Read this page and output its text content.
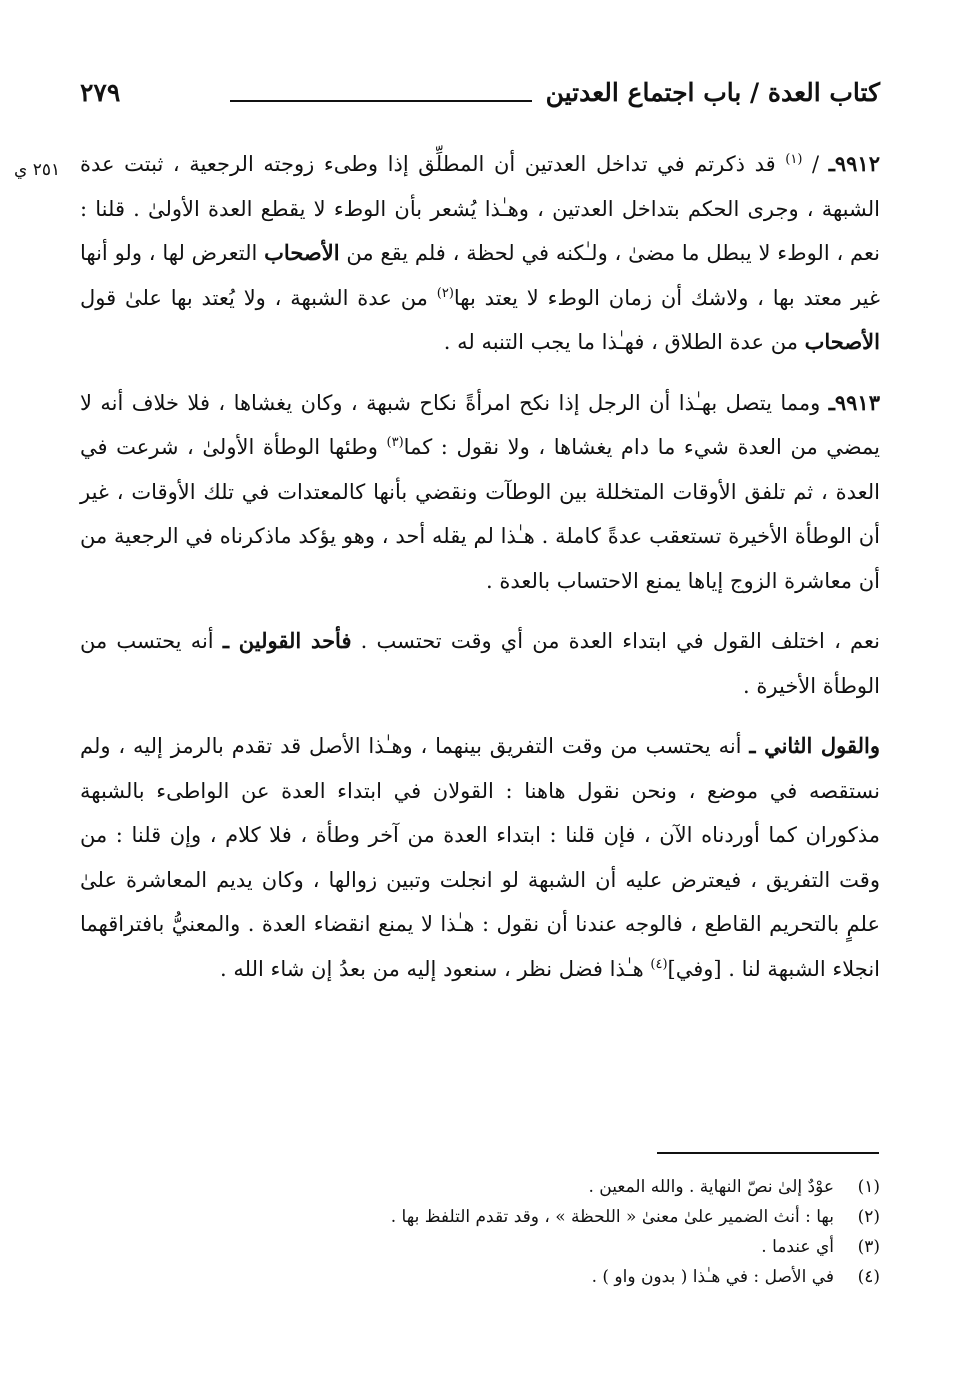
كتاب العدة / باب اجتماع العدتين
٢٧٩
٢٥١ ي	٩٩١٢ـ / $^{(١)}$ قد ذكرتم في تداخل العدتين أن المطلِّق إذا وطىء زوجته الرجعية ، ثبتت عدة الشبهة ، وجرى الحكم بتداخل العدتين ، وهـٰذا يُشعر بأن الوطء لا يقطع العدة الأولىٰ . قلنا : نعم ، الوطء لا يبطل ما مضىٰ ، ولـٰكنه في لحظة ، فلم يقع من الأصحاب التعرض لها ، ولو أنها غير معتد بها ، ولاشك أن زمان الوطء لا يعتد بها$^{(٢)}$ من عدة الشبهة ، ولا يُعتد بها علىٰ قول الأصحاب من عدة الطلاق ، فهـٰذا ما يجب التنبه له .

٩٩١٣ـ ومما يتصل بهـٰذا أن الرجل إذا نكح امرأةً نكاح شبهة ، وكان يغشاها ، فلا خلاف أنه لا يمضي من العدة شيء ما دام يغشاها ، ولا نقول : كما$^{(٣)}$ وطئها الوطأة الأولىٰ ، شرعت في العدة ، ثم تلفق الأوقات المتخللة بين الوطآت ونقضي بأنها كالمعتدات في تلك الأوقات ، غير أن الوطأة الأخيرة تستعقب عدةً كاملة . هـٰذا لم يقله أحد ، وهو يؤكد ماذكرناه في الرجعية من أن معاشرة الزوج إياها يمنع الاحتساب بالعدة .

نعم ، اختلف القول في ابتداء العدة من أي وقت تحتسب . فأحد القولين ـ أنه يحتسب من الوطأة الأخيرة .

والقول الثاني ـ أنه يحتسب من وقت التفريق بينهما ، وهـٰذا الأصل قد تقدم بالرمز إليه ، ولم نستقصه في موضع ، ونحن نقول هاهنا : القولان في ابتداء العدة عن الواطىء بالشبهة مذكوران كما أوردناه الآن ، فإن قلنا : ابتداء العدة من آخر وطأة ، فلا كلام ، وإن قلنا : من وقت التفريق ، فيعترض عليه أن الشبهة لو انجلت وتبين زوالها ، وكان يديم المعاشرة علىٰ علمٍ بالتحريم القاطع ، فالوجه عندنا أن نقول : هـٰذا لا يمنع انقضاء العدة . والمعنيُّ بافتراقهما انجلاء الشبهة لنا . [وفي]$^{(٤)}$ هـٰذا فضل نظر ، سنعود إليه من بعدُ إن شاء الله .

(١)
عوْدٌ إلىٰ نصّ النهاية . والله المعين .
(٢)
بها : أنث الضمير علىٰ معنىٰ « اللحظة » ، وقد تقدم التلفظ بها .
(٣)
أي عندما .
(٤)
في الأصل : في هـٰذا ( بدون واو ) .
